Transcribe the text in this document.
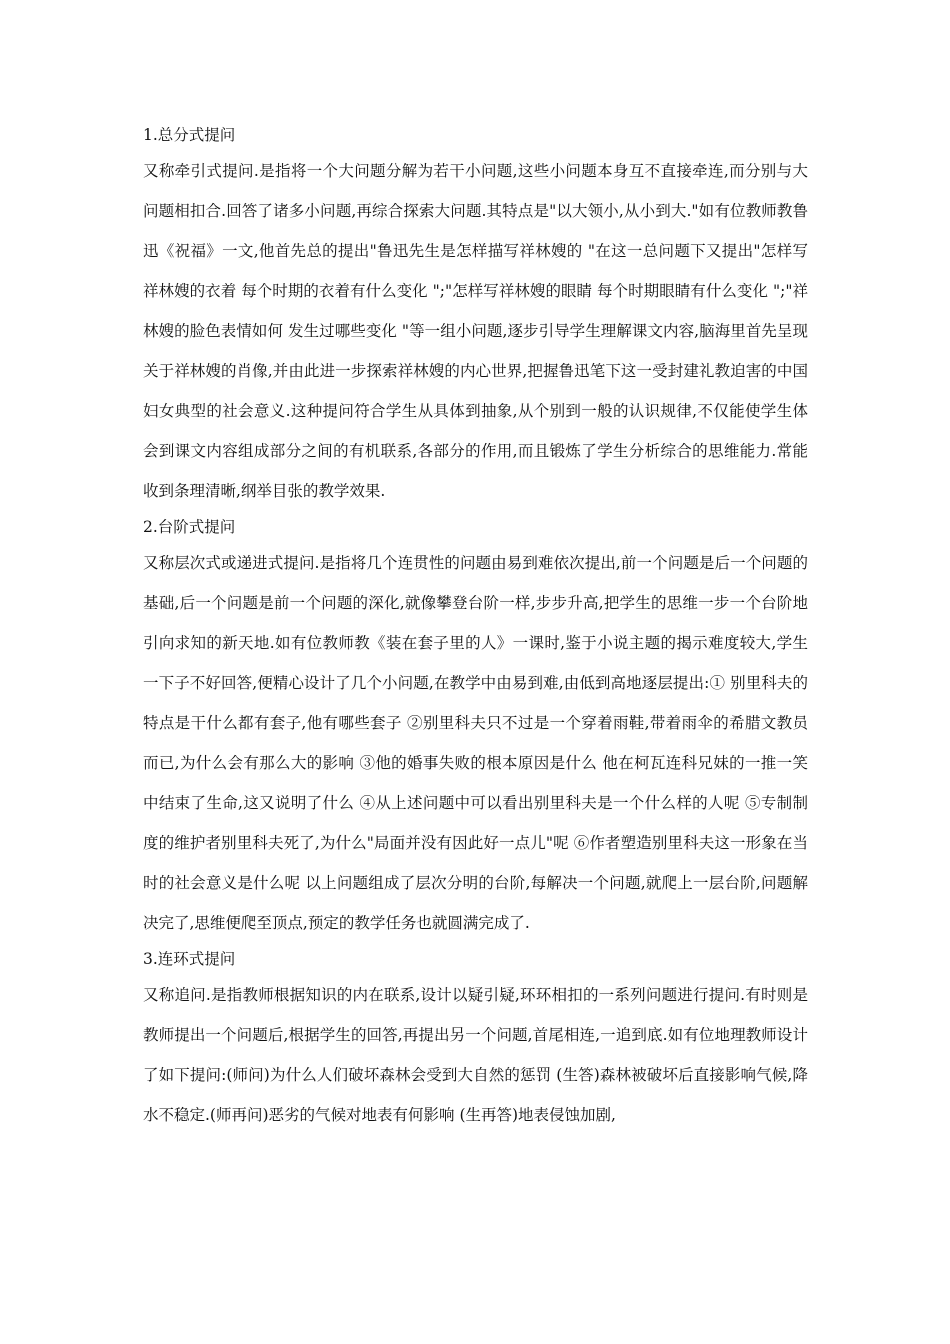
1.总分式提问

又称牵引式提问.是指将一个大问题分解为若干小问题,这些小问题本身互不直接牵连,而分别与大问题相扣合.回答了诸多小问题,再综合探索大问题.其特点是"以大领小,从小到大."如有位教师教鲁迅《祝福》一文,他首先总的提出"鲁迅先生是怎样描写祥林嫂的 "在这一总问题下又提出"怎样写祥林嫂的衣着 每个时期的衣着有什么变化 ";"怎样写祥林嫂的眼睛 每个时期眼睛有什么变化 ";"祥林嫂的脸色表情如何 发生过哪些变化 "等一组小问题,逐步引导学生理解课文内容,脑海里首先呈现关于祥林嫂的肖像,并由此进一步探索祥林嫂的内心世界,把握鲁迅笔下这一受封建礼教迫害的中国妇女典型的社会意义.这种提问符合学生从具体到抽象,从个别到一般的认识规律,不仅能使学生体会到课文内容组成部分之间的有机联系,各部分的作用,而且锻炼了学生分析综合的思维能力.常能收到条理清晰,纲举目张的教学效果.

2.台阶式提问

又称层次式或递进式提问.是指将几个连贯性的问题由易到难依次提出,前一个问题是后一个问题的基础,后一个问题是前一个问题的深化,就像攀登台阶一样,步步升高,把学生的思维一步一个台阶地引向求知的新天地.如有位教师教《装在套子里的人》一课时,鉴于小说主题的揭示难度较大,学生一下子不好回答,便精心设计了几个小问题,在教学中由易到难,由低到高地逐层提出:① 别里科夫的特点是干什么都有套子,他有哪些套子 ②别里科夫只不过是一个穿着雨鞋,带着雨伞的希腊文教员而已,为什么会有那么大的影响 ③他的婚事失败的根本原因是什么 他在柯瓦连科兄妹的一推一笑中结束了生命,这又说明了什么 ④从上述问题中可以看出别里科夫是一个什么样的人呢 ⑤专制制度的维护者别里科夫死了,为什么"局面并没有因此好一点儿"呢 ⑥作者塑造别里科夫这一形象在当时的社会意义是什么呢 以上问题组成了层次分明的台阶,每解决一个问题,就爬上一层台阶,问题解决完了,思维便爬至顶点,预定的教学任务也就圆满完成了.

3.连环式提问

又称追问.是指教师根据知识的内在联系,设计以疑引疑,环环相扣的一系列问题进行提问.有时则是教师提出一个问题后,根据学生的回答,再提出另一个问题,首尾相连,一追到底.如有位地理教师设计了如下提问:(师问)为什么人们破坏森林会受到大自然的惩罚 (生答)森林被破坏后直接影响气候,降水不稳定.(师再问)恶劣的气候对地表有何影响 (生再答)地表侵蚀加剧,
